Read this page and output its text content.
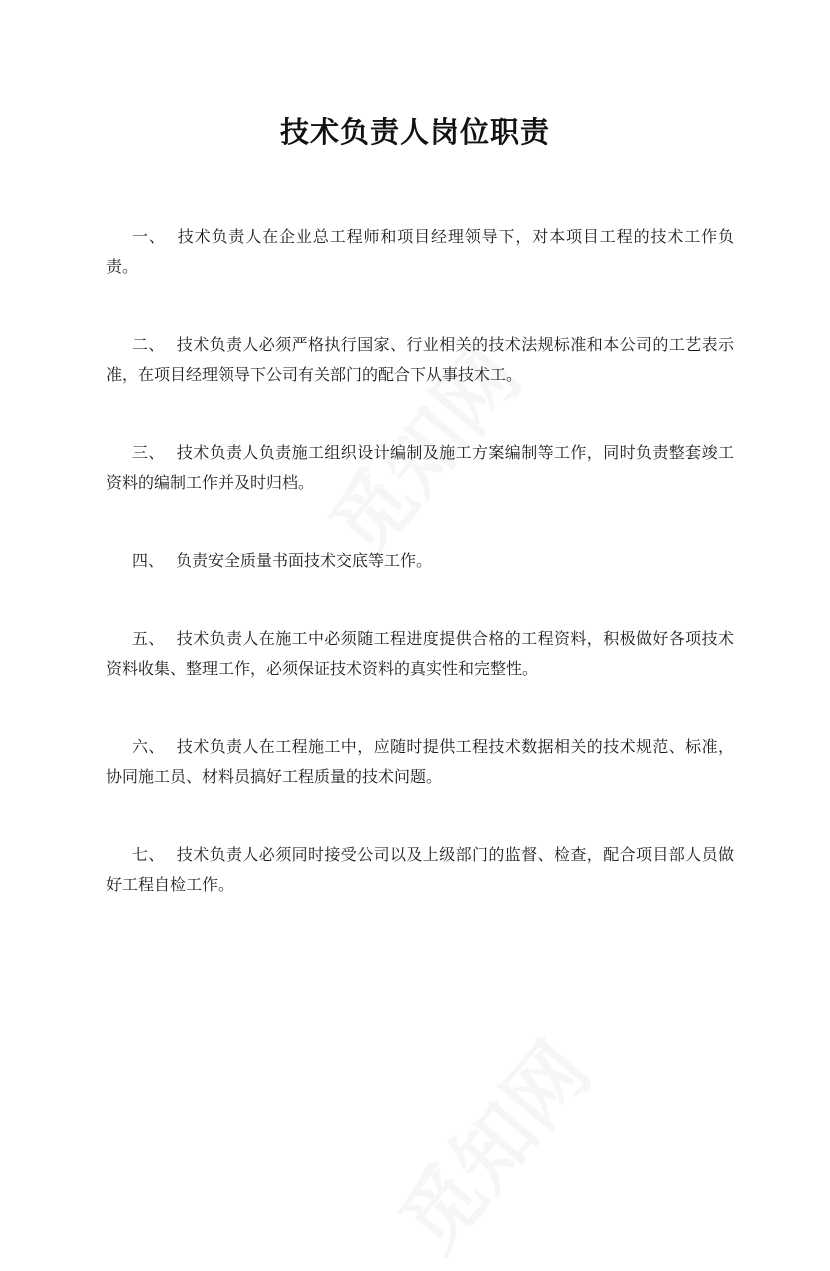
技术负责人岗位职责

一、 技术负责人在企业总工程师和项目经理领导下，对本项目工程的技术工作负责。

二、 技术负责人必须严格执行国家、行业相关的技术法规标准和本公司的工艺表示准，在项目经理领导下公司有关部门的配合下从事技术工。

三、 技术负责人负责施工组织设计编制及施工方案编制等工作，同时负责整套竣工资料的编制工作并及时归档。

四、 负责安全质量书面技术交底等工作。

五、 技术负责人在施工中必须随工程进度提供合格的工程资料，积极做好各项技术资料收集、整理工作，必须保证技术资料的真实性和完整性。

六、 技术负责人在工程施工中，应随时提供工程技术数据相关的技术规范、标准，协同施工员、材料员搞好工程质量的技术问题。

七、 技术负责人必须同时接受公司以及上级部门的监督、检查，配合项目部人员做好工程自检工作。
